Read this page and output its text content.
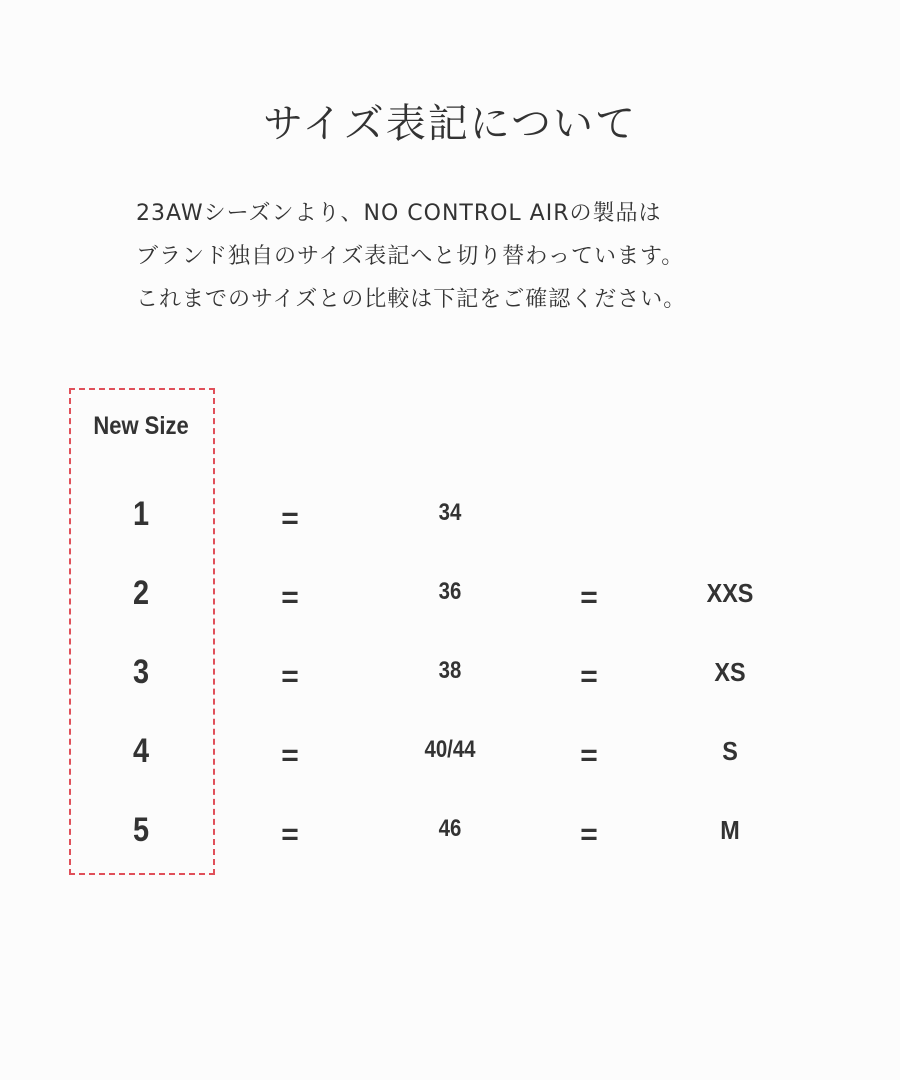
サイズ表記について
23AWシーズンより、NO CONTROL AIRの製品は
ブランド独自のサイズ表記へと切り替わっています。
これまでのサイズとの比較は下記をご確認ください。
New Size
1	=	34
2	=	36	=	XXS
3	=	38	=	XS
4	=	40/44	=	S
5	=	46	=	M
